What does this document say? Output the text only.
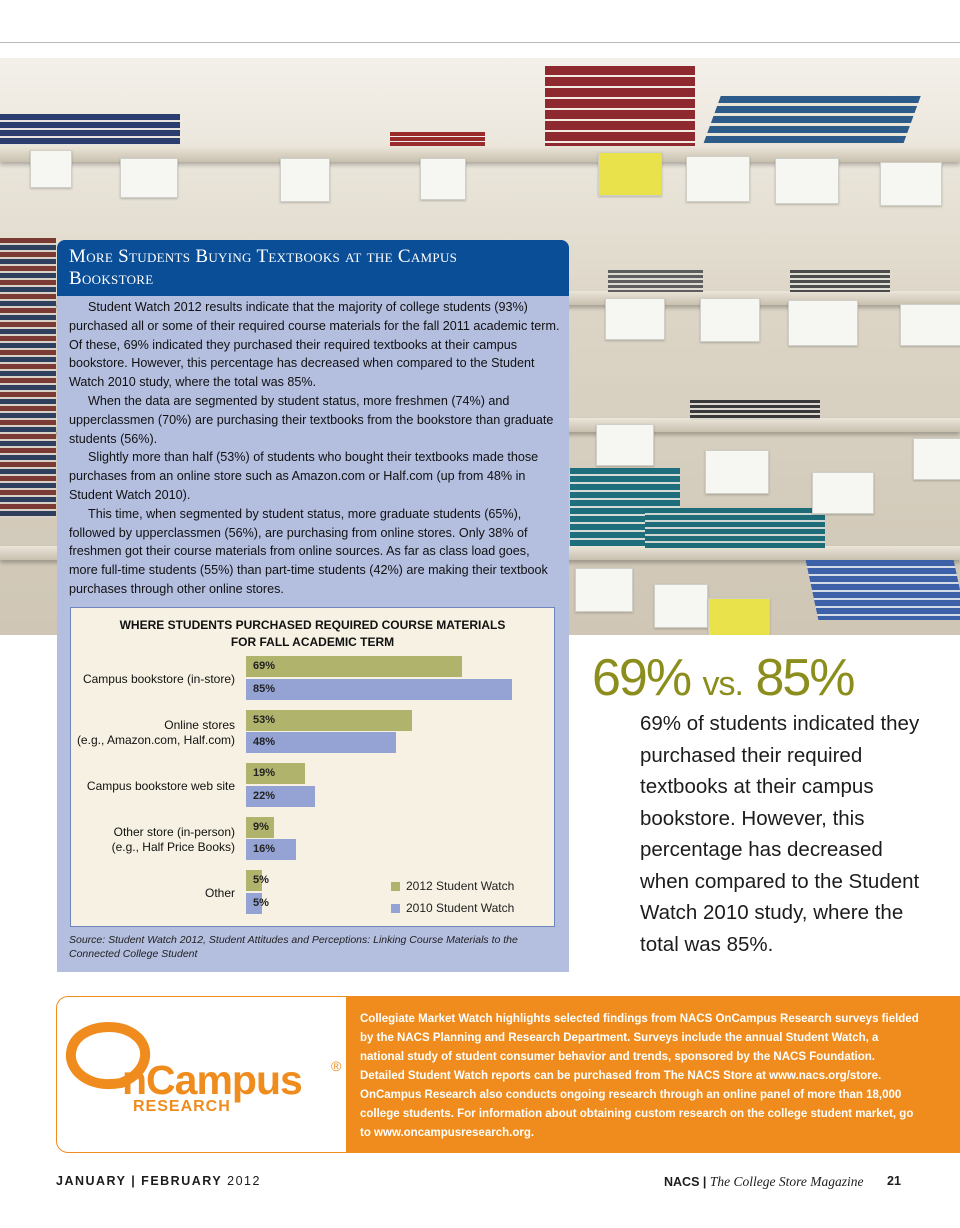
More Students Buying Textbooks at the Campus Bookstore

Student Watch 2012 results indicate that the majority of college students (93%) purchased all or some of their required course materials for the fall 2011 academic term. Of these, 69% indicated they purchased their required textbooks at their campus bookstore. However, this percentage has decreased when compared to the Student Watch 2010 study, where the total was 85%.

When the data are segmented by student status, more freshmen (74%) and upperclassmen (70%) are purchasing their textbooks from the bookstore than graduate students (56%).

Slightly more than half (53%) of students who bought their textbooks made those purchases from an online store such as Amazon.com or Half.com (up from 48% in Student Watch 2010).

This time, when segmented by student status, more graduate students (65%), followed by upperclassmen (56%), are purchasing from online stores. Only 38% of freshmen got their course materials from online sources. As far as class load goes, more full-time students (55%) than part-time students (42%) are making their textbook purchases through other online stores.

WHERE STUDENTS PURCHASED REQUIRED COURSE MATERIALS
FOR FALL ACADEMIC TERM
Campus bookstore (in-store)
69%
85%
Online stores
(e.g., Amazon.com, Half.com)
53%
48%
Campus bookstore web site
19%
22%
Other store (in-person)
(e.g., Half Price Books)
9%
16%
Other
5%
5%
2012 Student Watch
2010 Student Watch
Source: Student Watch 2012, Student Attitudes and Perceptions: Linking Course Materials to the Connected College Student
69% vs. 85%
69% of students indicated they purchased their required textbooks at their campus bookstore. However, this percentage has decreased when compared to the Student Watch 2010 study, where the total was 85%.
nCampus ®
RESEARCH
Collegiate Market Watch highlights selected findings from NACS OnCampus Research surveys fielded by the NACS Planning and Research Department. Surveys include the annual Student Watch, a national study of student consumer behavior and trends, sponsored by the NACS Foundation. Detailed Student Watch reports can be purchased from The NACS Store at www.nacs.org/store. OnCampus Research also conducts ongoing research through an online panel of more than 18,000 college students. For information about obtaining custom research on the college student market, go to www.oncampusresearch.org.
JANUARY | FEBRUARY 2012	NACS | The College Store Magazine	21
